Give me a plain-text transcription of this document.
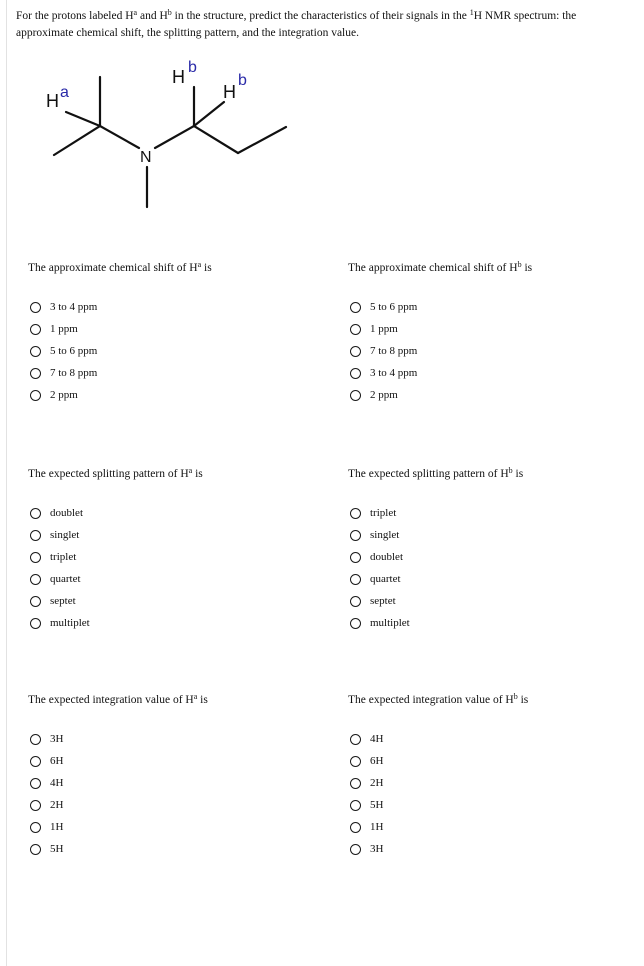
For the protons labeled $H^a$ and $H^b$ in the structure, predict the characteristics of their signals in the $^1$H NMR spectrum: the approximate chemical shift, the splitting pattern, and the integration value.

H a
H b
H
b
N

The approximate chemical shift of $H^a$ is

3 to 4 ppm
1 ppm
5 to 6 ppm
7 to 8 ppm
2 ppm

The expected splitting pattern of $H^a$ is

doublet
singlet
triplet
quartet
septet
multiplet

The expected integration value of $H^a$ is

3H
6H
4H
2H
1H
5H

The approximate chemical shift of $H^b$ is

5 to 6 ppm
1 ppm
7 to 8 ppm
3 to 4 ppm
2 ppm

The expected splitting pattern of $H^b$ is

triplet
singlet
doublet
quartet
septet
multiplet

The expected integration value of $H^b$ is

4H
6H
2H
5H
1H
3H
